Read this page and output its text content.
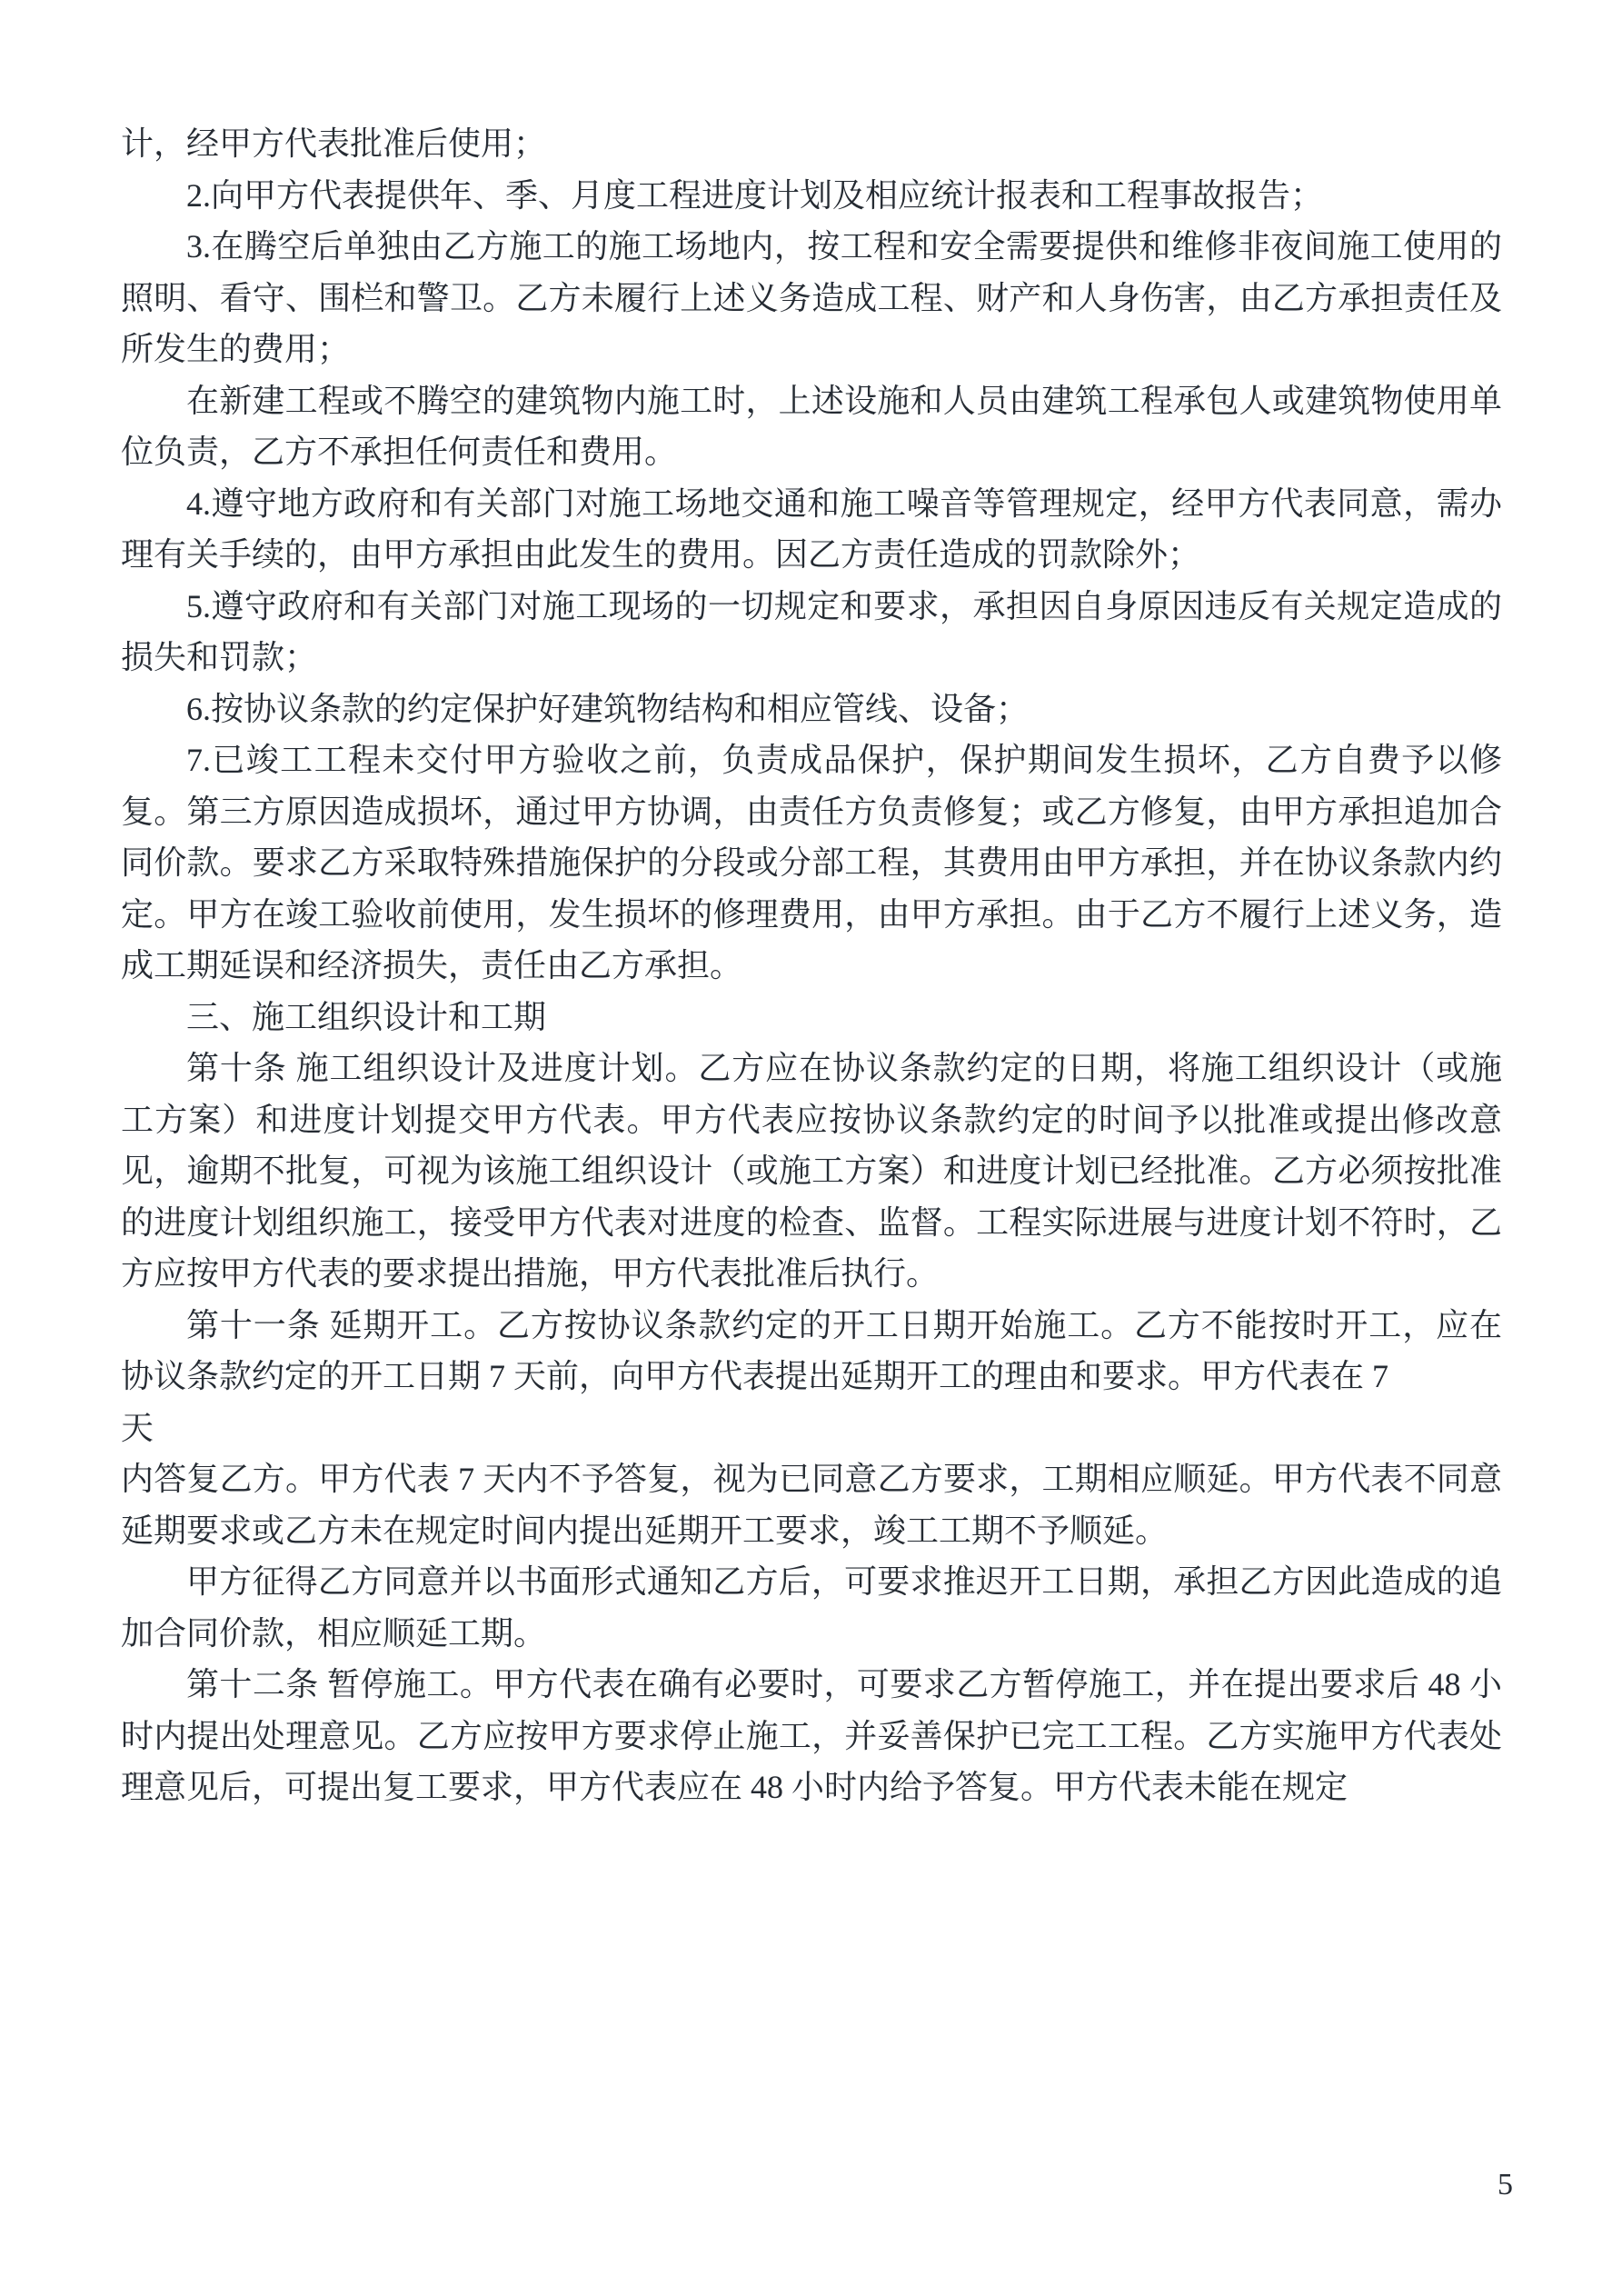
计，经甲方代表批准后使用；

2.向甲方代表提供年、季、月度工程进度计划及相应统计报表和工程事故报告；

3.在腾空后单独由乙方施工的施工场地内，按工程和安全需要提供和维修非夜间施工使用的照明、看守、围栏和警卫。乙方未履行上述义务造成工程、财产和人身伤害，由乙方承担责任及所发生的费用；

在新建工程或不腾空的建筑物内施工时，上述设施和人员由建筑工程承包人或建筑物使用单位负责，乙方不承担任何责任和费用。

4.遵守地方政府和有关部门对施工场地交通和施工噪音等管理规定，经甲方代表同意，需办理有关手续的，由甲方承担由此发生的费用。因乙方责任造成的罚款除外；

5.遵守政府和有关部门对施工现场的一切规定和要求，承担因自身原因违反有关规定造成的损失和罚款；

6.按协议条款的约定保护好建筑物结构和相应管线、设备；

7.已竣工工程未交付甲方验收之前，负责成品保护，保护期间发生损坏，乙方自费予以修复。第三方原因造成损坏，通过甲方协调，由责任方负责修复；或乙方修复，由甲方承担追加合同价款。要求乙方采取特殊措施保护的分段或分部工程，其费用由甲方承担，并在协议条款内约定。甲方在竣工验收前使用，发生损坏的修理费用，由甲方承担。由于乙方不履行上述义务，造成工期延误和经济损失，责任由乙方承担。

三、施工组织设计和工期

第十条 施工组织设计及进度计划。乙方应在协议条款约定的日期，将施工组织设计（或施工方案）和进度计划提交甲方代表。甲方代表应按协议条款约定的时间予以批准或提出修改意见，逾期不批复，可视为该施工组织设计（或施工方案）和进度计划已经批准。乙方必须按批准的进度计划组织施工，接受甲方代表对进度的检查、监督。工程实际进展与进度计划不符时，乙方应按甲方代表的要求提出措施，甲方代表批准后执行。

第十一条 延期开工。乙方按协议条款约定的开工日期开始施工。乙方不能按时开工，应在协议条款约定的开工日期 7 天前，向甲方代表提出延期开工的理由和要求。甲方代表在 7

天

内答复乙方。甲方代表 7 天内不予答复，视为已同意乙方要求，工期相应顺延。甲方代表不同意延期要求或乙方未在规定时间内提出延期开工要求，竣工工期不予顺延。

甲方征得乙方同意并以书面形式通知乙方后，可要求推迟开工日期，承担乙方因此造成的追加合同价款，相应顺延工期。

第十二条 暂停施工。甲方代表在确有必要时，可要求乙方暂停施工，并在提出要求后 48 小时内提出处理意见。乙方应按甲方要求停止施工，并妥善保护已完工工程。乙方实施甲方代表处理意见后，可提出复工要求，甲方代表应在 48 小时内给予答复。甲方代表未能在规定

5
